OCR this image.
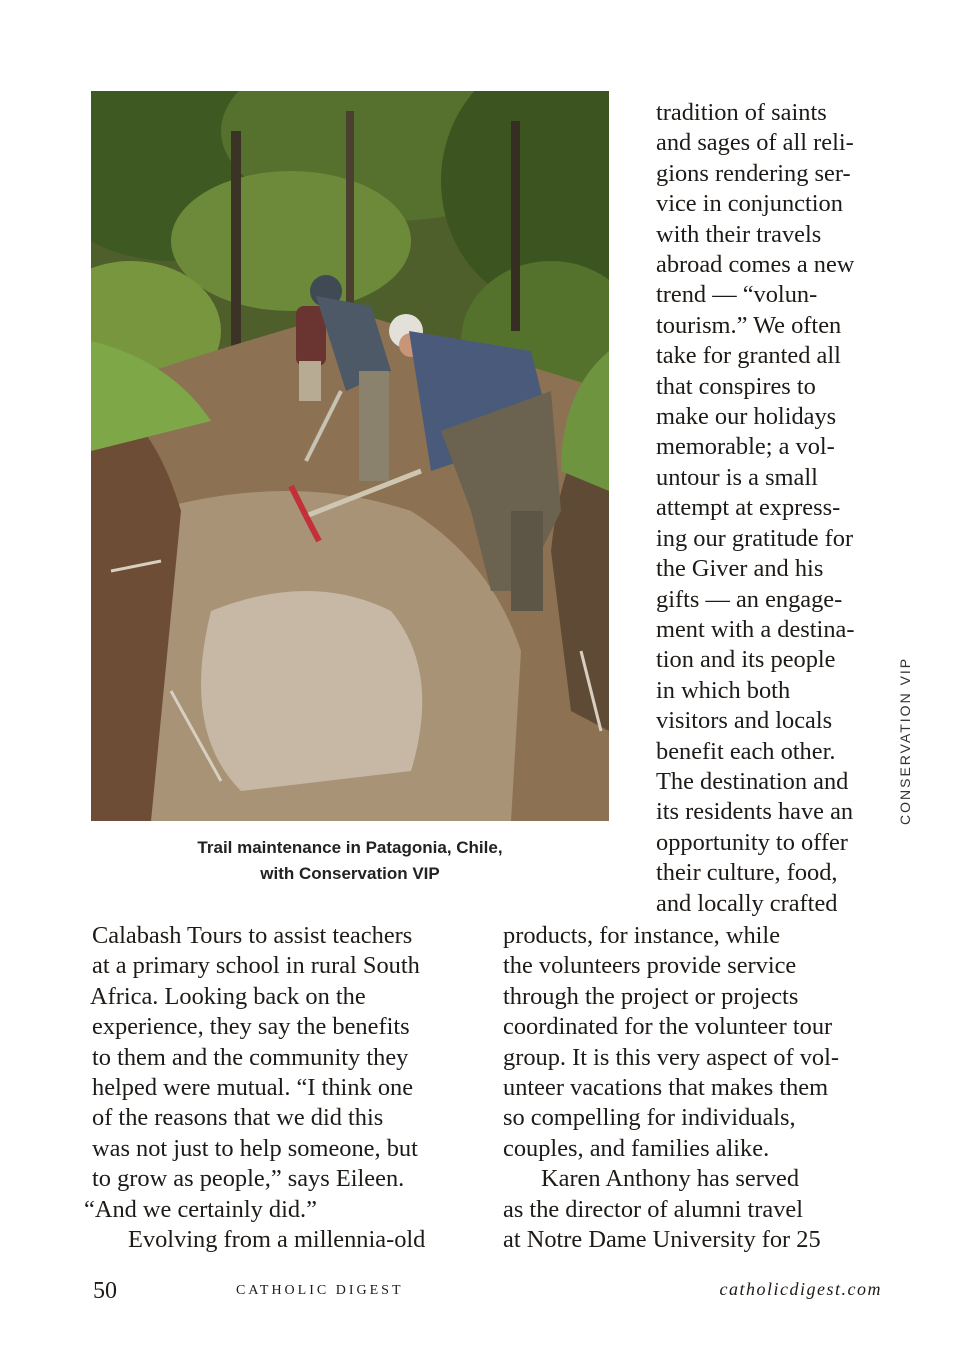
Trail maintenance in Patagonia, Chile,
with Conservation VIP
tradition of saints
and sages of all reli-
gions rendering ser-
vice in conjunction
with their travels
abroad comes a new
trend — “volun-
tourism.” We often
take for granted all
that conspires to
make our holidays
memorable; a vol-
untour is a small
attempt at express-
ing our gratitude for
the Giver and his
gifts — an engage-
ment with a destina-
tion and its people
in which both
visitors and locals
benefit each other.
The destination and
its residents have an
opportunity to offer
their culture, food,
and locally crafted
Calabash Tours to assist teachers
at a primary school in rural South
Africa. Looking back on the
experience, they say the benefits
to them and the community they
helped were mutual. “I think one
of the reasons that we did this
was not just to help someone, but
to grow as people,” says Eileen.
“And we certainly did.”
Evolving from a millennia-old
products, for instance, while
the volunteers provide service
through the project or projects
coordinated for the volunteer tour
group. It is this very aspect of vol-
unteer vacations that makes them
so compelling for individuals,
couples, and families alike.
Karen Anthony has served
as the director of alumni travel
at Notre Dame University for 25
CONSERVATION VIP
50	CATHOLIC DIGEST	catholicdigest.com
